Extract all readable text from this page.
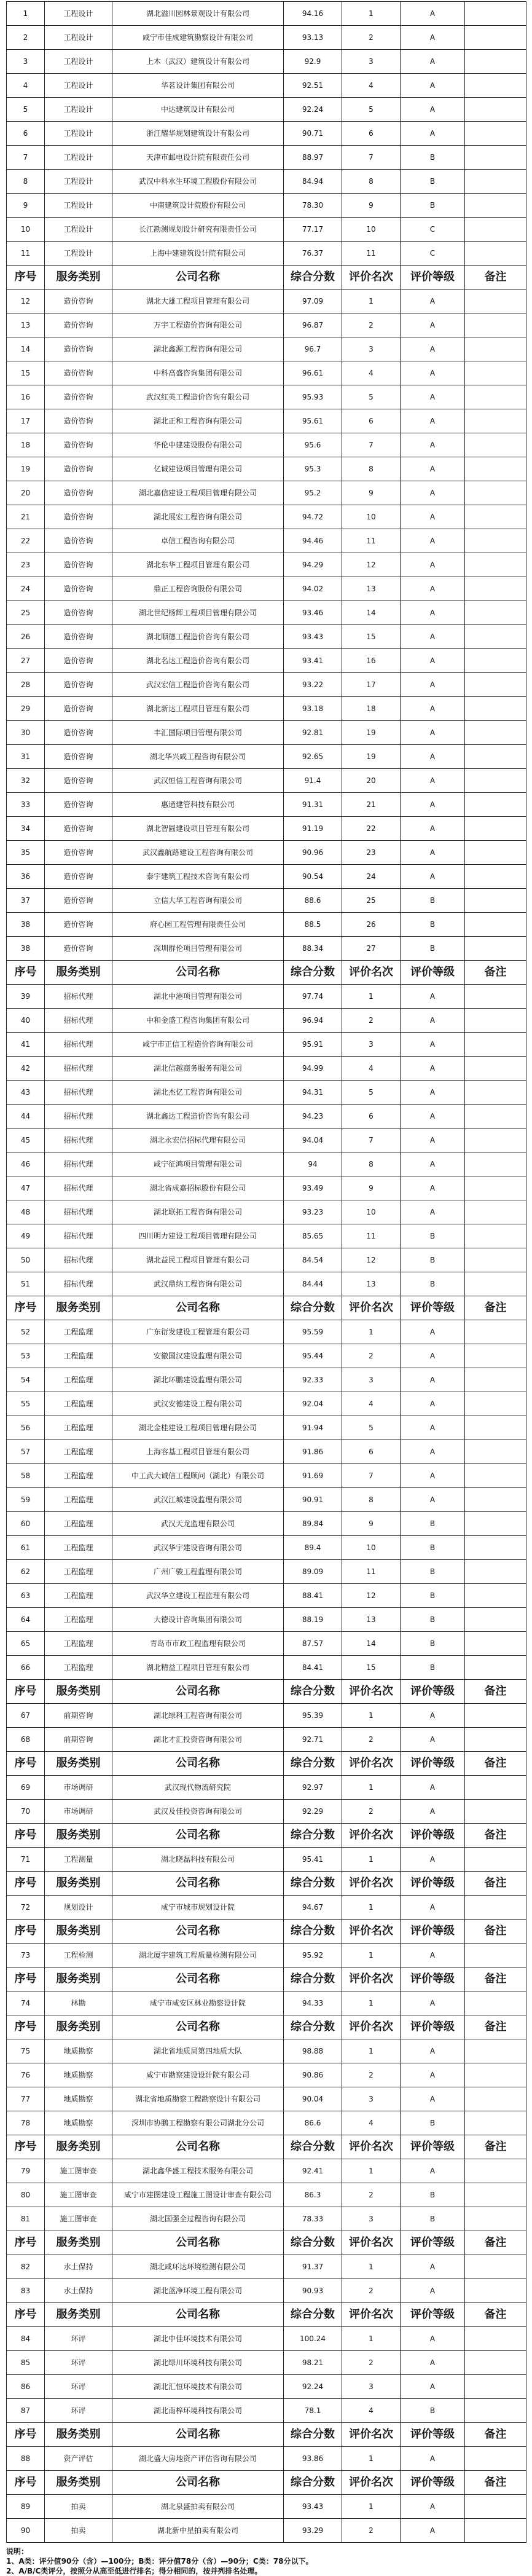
1	工程设计	湖北溢川园林景观设计有限公司	94.16	1	A	
2	工程设计	咸宁市佳成建筑勘察设计有限公司	93.13	2	A	
3	工程设计	上木（武汉）建筑设计有限公司	92.9	3	A	
4	工程设计	华茗设计集团有限公司	92.51	4	A	
5	工程设计	中达建筑设计有限公司	92.24	5	A	
6	工程设计	浙江耀华规划建筑设计有限公司	90.71	6	A	
7	工程设计	天津市邮电设计院有限责任公司	88.97	7	B	
8	工程设计	武汉中科水生环境工程股份有限公司	84.94	8	B	
9	工程设计	中南建筑设计院股份有限公司	78.30	9	B	
10	工程设计	长江勘测规划设计研究有限责任公司	77.17	10	C	
11	工程设计	上海中建建筑设计院有限公司	76.37	11	C	
序号	服务类别	公司名称	综合分数	评价名次	评价等级	备注
12	造价咨询	湖北大雄工程项目管理有限公司	97.09	1	A	
13	造价咨询	万宇工程造价咨询有限公司	96.87	2	A	
14	造价咨询	湖北鑫源工程咨询有限公司	96.7	3	A	
15	造价咨询	中科高盛咨询集团有限公司	96.61	4	A	
16	造价咨询	武汉红英工程造价咨询有限公司	95.93	5	A	
17	造价咨询	湖北正和工程咨询有限公司	95.61	6	A	
18	造价咨询	华伦中建建设股份有限公司	95.6	7	A	
19	造价咨询	亿诚建设项目管理有限公司	95.3	8	A	
20	造价咨询	湖北嘉信建设工程项目管理有限公司	95.2	9	A	
21	造价咨询	湖北展宏工程咨询有限公司	94.72	10	A	
22	造价咨询	卓信工程咨询有限公司	94.46	11	A	
23	造价咨询	湖北东华工程项目管理有限公司	94.29	12	A	
24	造价咨询	鼎正工程咨询股份有限公司	94.02	13	A	
25	造价咨询	湖北世纪杨辉工程项目管理有限公司	93.46	14	A	
26	造价咨询	湖北顺德工程造价咨询有限公司	93.43	15	A	
27	造价咨询	湖北名达工程造价咨询有限公司	93.41	16	A	
28	造价咨询	武汉宏信工程造价咨询有限公司	93.22	17	A	
29	造价咨询	湖北新达工程项目管理有限公司	93.18	18	A	
30	造价咨询	丰汇国际项目管理有限公司	92.81	19	A	
31	造价咨询	湖北华兴咸工程咨询有限公司	92.65	19	A	
32	造价咨询	武汉恒信工程咨询有限公司	91.4	20	A	
33	造价咨询	惠通建管科技有限公司	91.31	21	A	
34	造价咨询	湖北智圆建设项目管理有限公司	91.19	22	A	
35	造价咨询	武汉鑫航路建设工程咨询有限公司	90.96	23	A	
36	造价咨询	泰宇建筑工程技术咨询有限公司	90.54	24	A	
37	造价咨询	立信大华工程咨询有限公司	88.6	25	B	
38	造价咨询	府心园工程管理有限责任公司	88.5	26	B	
38	造价咨询	深圳群伦项目管理有限公司	88.34	27	B	
序号	服务类别	公司名称	综合分数	评价名次	评价等级	备注
39	招标代理	湖北中港项目管理有限公司	97.74	1	A	
40	招标代理	中和金盛工程咨询集团有限公司	96.94	2	A	
41	招标代理	咸宁市正信工程造价咨询有限公司	95.91	3	A	
42	招标代理	湖北信越商务服务有限公司	94.99	4	A	
43	招标代理	湖北杰亿工程咨询有限公司	94.31	5	A	
44	招标代理	湖北鑫达工程造价咨询有限公司	94.23	6	A	
45	招标代理	湖北永宏信招标代理有限公司	94.04	7	A	
46	招标代理	咸宁征鸿项目管理有限公司	94	8	A	
47	招标代理	湖北省成嘉招标股份有限公司	93.49	9	A	
48	招标代理	湖北联拓工程咨询有限公司	93.23	10	A	
49	招标代理	四川明力建设工程项目管理有限公司	85.65	11	B	
50	招标代理	湖北益民工程项目管理有限公司	84.54	12	B	
51	招标代理	武汉鼎纳工程咨询有限公司	84.44	13	B	
序号	服务类别	公司名称	综合分数	评价名次	评价等级	备注
52	工程监理	广东衍发建设工程管理有限公司	95.59	1	A	
53	工程监理	安徽国汉建设监理有限公司	95.44	2	A	
54	工程监理	湖北环鹏建设监理有限公司	92.33	3	A	
55	工程监理	武汉安德建设工程有限公司	92.04	4	A	
56	工程监理	湖北金桂建设工程项目管理有限公司	91.94	5	A	
57	工程监理	上海容基工程项目管理有限公司	91.86	6	A	
58	工程监理	中工武大诚信工程顾问（湖北）有限公司	91.69	7	A	
59	工程监理	武汉江城建设监理有限公司	90.91	8	A	
60	工程监理	武汉天龙监理有限公司	89.84	9	B	
61	工程监理	武汉华宇建设咨询有限公司	89.4	10	B	
62	工程监理	广州广骏工程监理有限公司	89.09	11	B	
63	工程监理	武汉华立建设工程监理有限公司	88.41	12	B	
64	工程监理	大德设计咨询集团有限公司	88.19	13	B	
65	工程监理	青岛市市政工程监理有限公司	87.57	14	B	
66	工程监理	湖北精益工程项目管理有限公司	84.41	15	B	
序号	服务类别	公司名称	综合分数	评价名次	评价等级	备注
67	前期咨询	湖北绿科工程咨询有限公司	95.39	1	A	
68	前期咨询	湖北才汇投资咨询有限公司	92.71	2	A	
序号	服务类别	公司名称	综合分数	评价名次	评价等级	备注
69	市场调研	武汉现代物流研究院	92.97	1	A	
70	市场调研	武汉及佳投资咨询有限公司	92.29	2	A	
序号	服务类别	公司名称	综合分数	评价名次	评价等级	备注
71	工程测量	湖北晓磊科技有限公司	95.41	1	A	
序号	服务类别	公司名称	综合分数	评价名次	评价等级	备注
72	规划设计	咸宁市城市规划设计院	94.67	1	A	
序号	服务类别	公司名称	综合分数	评价名次	评价等级	备注
73	工程检测	湖北厦宇建筑工程质量检测有限公司	95.92	1	A	
序号	服务类别	公司名称	综合分数	评价名次	评价等级	备注
74	林勘	咸宁市咸安区林业勘察设计院	94.33	1	A	
序号	服务类别	公司名称	综合分数	评价名次	评价等级	备注
75	地质勘察	湖北省地质局第四地质大队	98.88	1	A	
76	地质勘察	咸宁市勘察建设设计院有限公司	90.86	2	A	
77	地质勘察	湖北省地质勘察工程勘察设计有限公司	90.04	3	A	
78	地质勘察	深圳市协鹏工程勘察有限公司湖北分公司	86.6	4	B	
序号	服务类别	公司名称	综合分数	评价名次	评价等级	备注
79	施工图审查	湖北鑫华盛工程技术服务有限公司	92.41	1	A	
80	施工图审查	咸宁市建图建设工程施工图设计审查有限公司	86.3	2	B	
81	施工图审查	湖北国强全过程咨询有限公司	78.33	3	B	
序号	服务类别	公司名称	综合分数	评价名次	评价等级	备注
82	水土保持	湖北咸环达环境检测有限公司	91.37	1	A	
83	水土保持	湖北蓝净环境工程有限公司	90.93	2	A	
序号	服务类别	公司名称	综合分数	评价名次	评价等级	备注
84	环评	湖北中佳环境技术有限公司	100.24	1	A	
85	环评	湖北绿川环境科技有限公司	98.21	2	A	
86	环评	湖北汇恒环境技术有限公司	92.24	3	A	
87	环评	湖北南梓环境科技有限公司	78.1	4	B	
序号	服务类别	公司名称	综合分数	评价名次	评价等级	备注
88	资产评估	湖北盛大房地资产评估咨询有限公司	93.86	1	A	
序号	服务类别	公司名称	综合分数	评价名次	评价等级	备注
89	拍卖	湖北泉盛拍卖有限公司	93.43	1	A	
90	拍卖	湖北新中星拍卖有限公司	93.29	2	A	
说明：
1、A类：评分值90分（含）—100分；B类：评分值78分（含）—90分；C类：78分以下。
2、A/B/C类评分，按照分从高至低进行排名；得分相同的，按并列排名处理。
